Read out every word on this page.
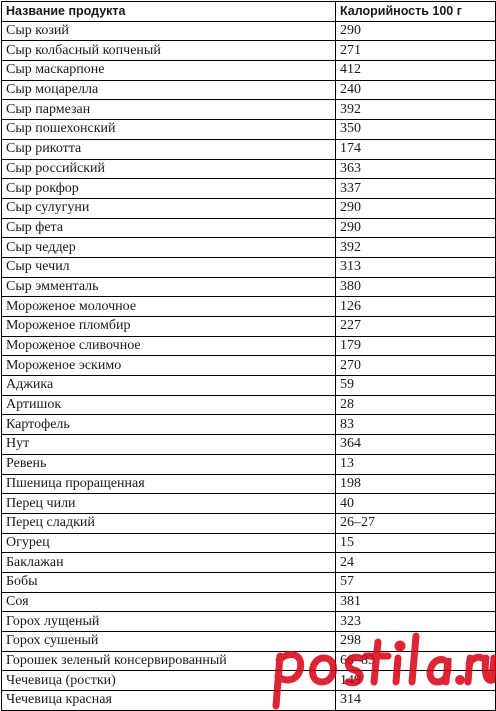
Название продукта	Калорийность 100 г
Сыр козий	290
Сыр колбасный копченый	271
Сыр маскарпоне	412
Сыр моцарелла	240
Сыр пармезан	392
Сыр пошехонский	350
Сыр рикотта	174
Сыр российский	363
Сыр рокфор	337
Сыр сулугуни	290
Сыр фета	290
Сыр чеддер	392
Сыр чечил	313
Сыр эмменталь	380
Мороженое молочное	126
Мороженое пломбир	227
Мороженое сливочное	179
Мороженое эскимо	270
Аджика	59
Артишок	28
Картофель	83
Нут	364
Ревень	13
Пшеница проращенная	198
Перец чили	40
Перец сладкий	26–27
Огурец	15
Баклажан	24
Бобы	57
Соя	381
Горох лущеный	323
Горох сушеный	298
Горошек зеленый консервированный	66–83
Чечевица (ростки)	149
Чечевица красная	314
